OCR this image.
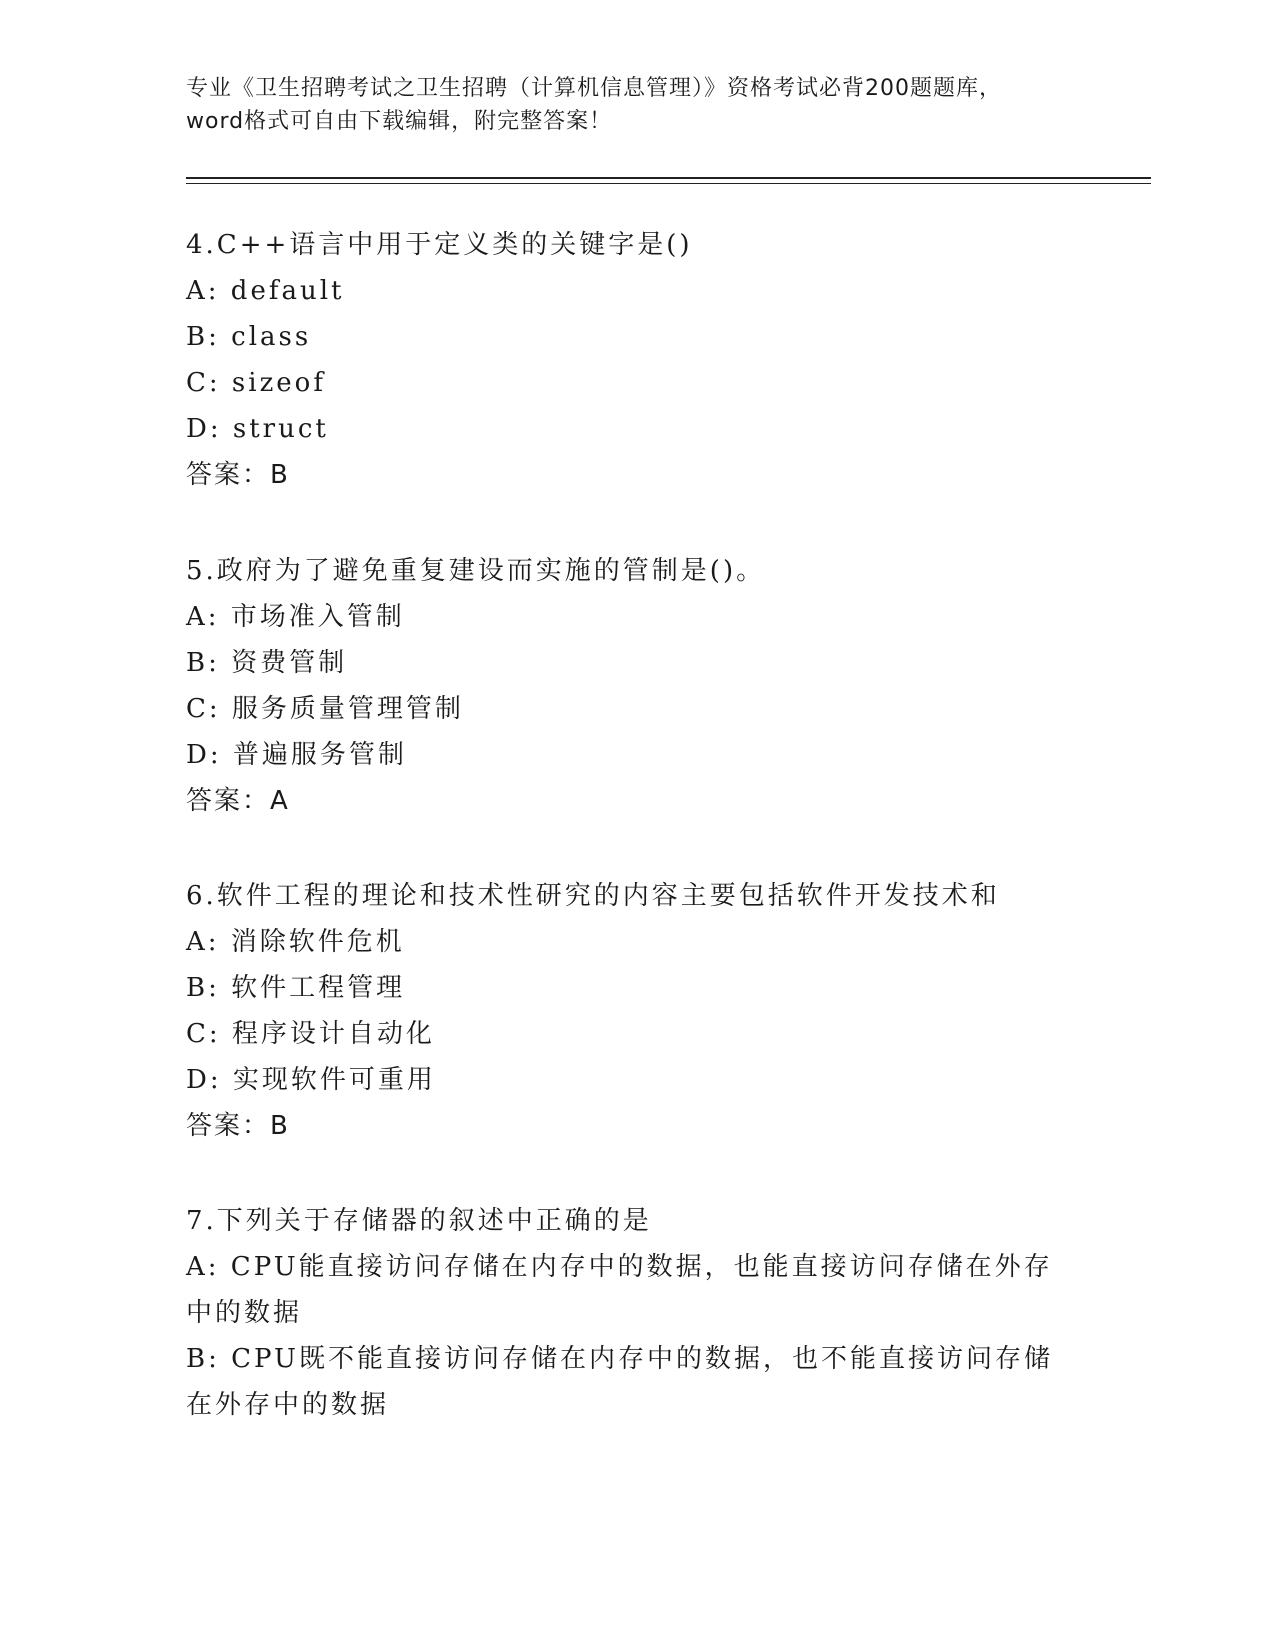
专业《卫生招聘考试之卫生招聘（计算机信息管理）》资格考试必背200题题库，
word格式可自由下载编辑，附完整答案！
4.C++语言中用于定义类的关键字是()
A: default
B: class
C: sizeof
D: struct
答案：B
5.政府为了避免重复建设而实施的管制是()。
A: 市场准入管制
B: 资费管制
C: 服务质量管理管制
D: 普遍服务管制
答案：A
6.软件工程的理论和技术性研究的内容主要包括软件开发技术和
A: 消除软件危机
B: 软件工程管理
C: 程序设计自动化
D: 实现软件可重用
答案：B
7.下列关于存储器的叙述中正确的是
A: CPU能直接访问存储在内存中的数据，也能直接访问存储在外存中的数据
B: CPU既不能直接访问存储在内存中的数据，也不能直接访问存储在外存中的数据
